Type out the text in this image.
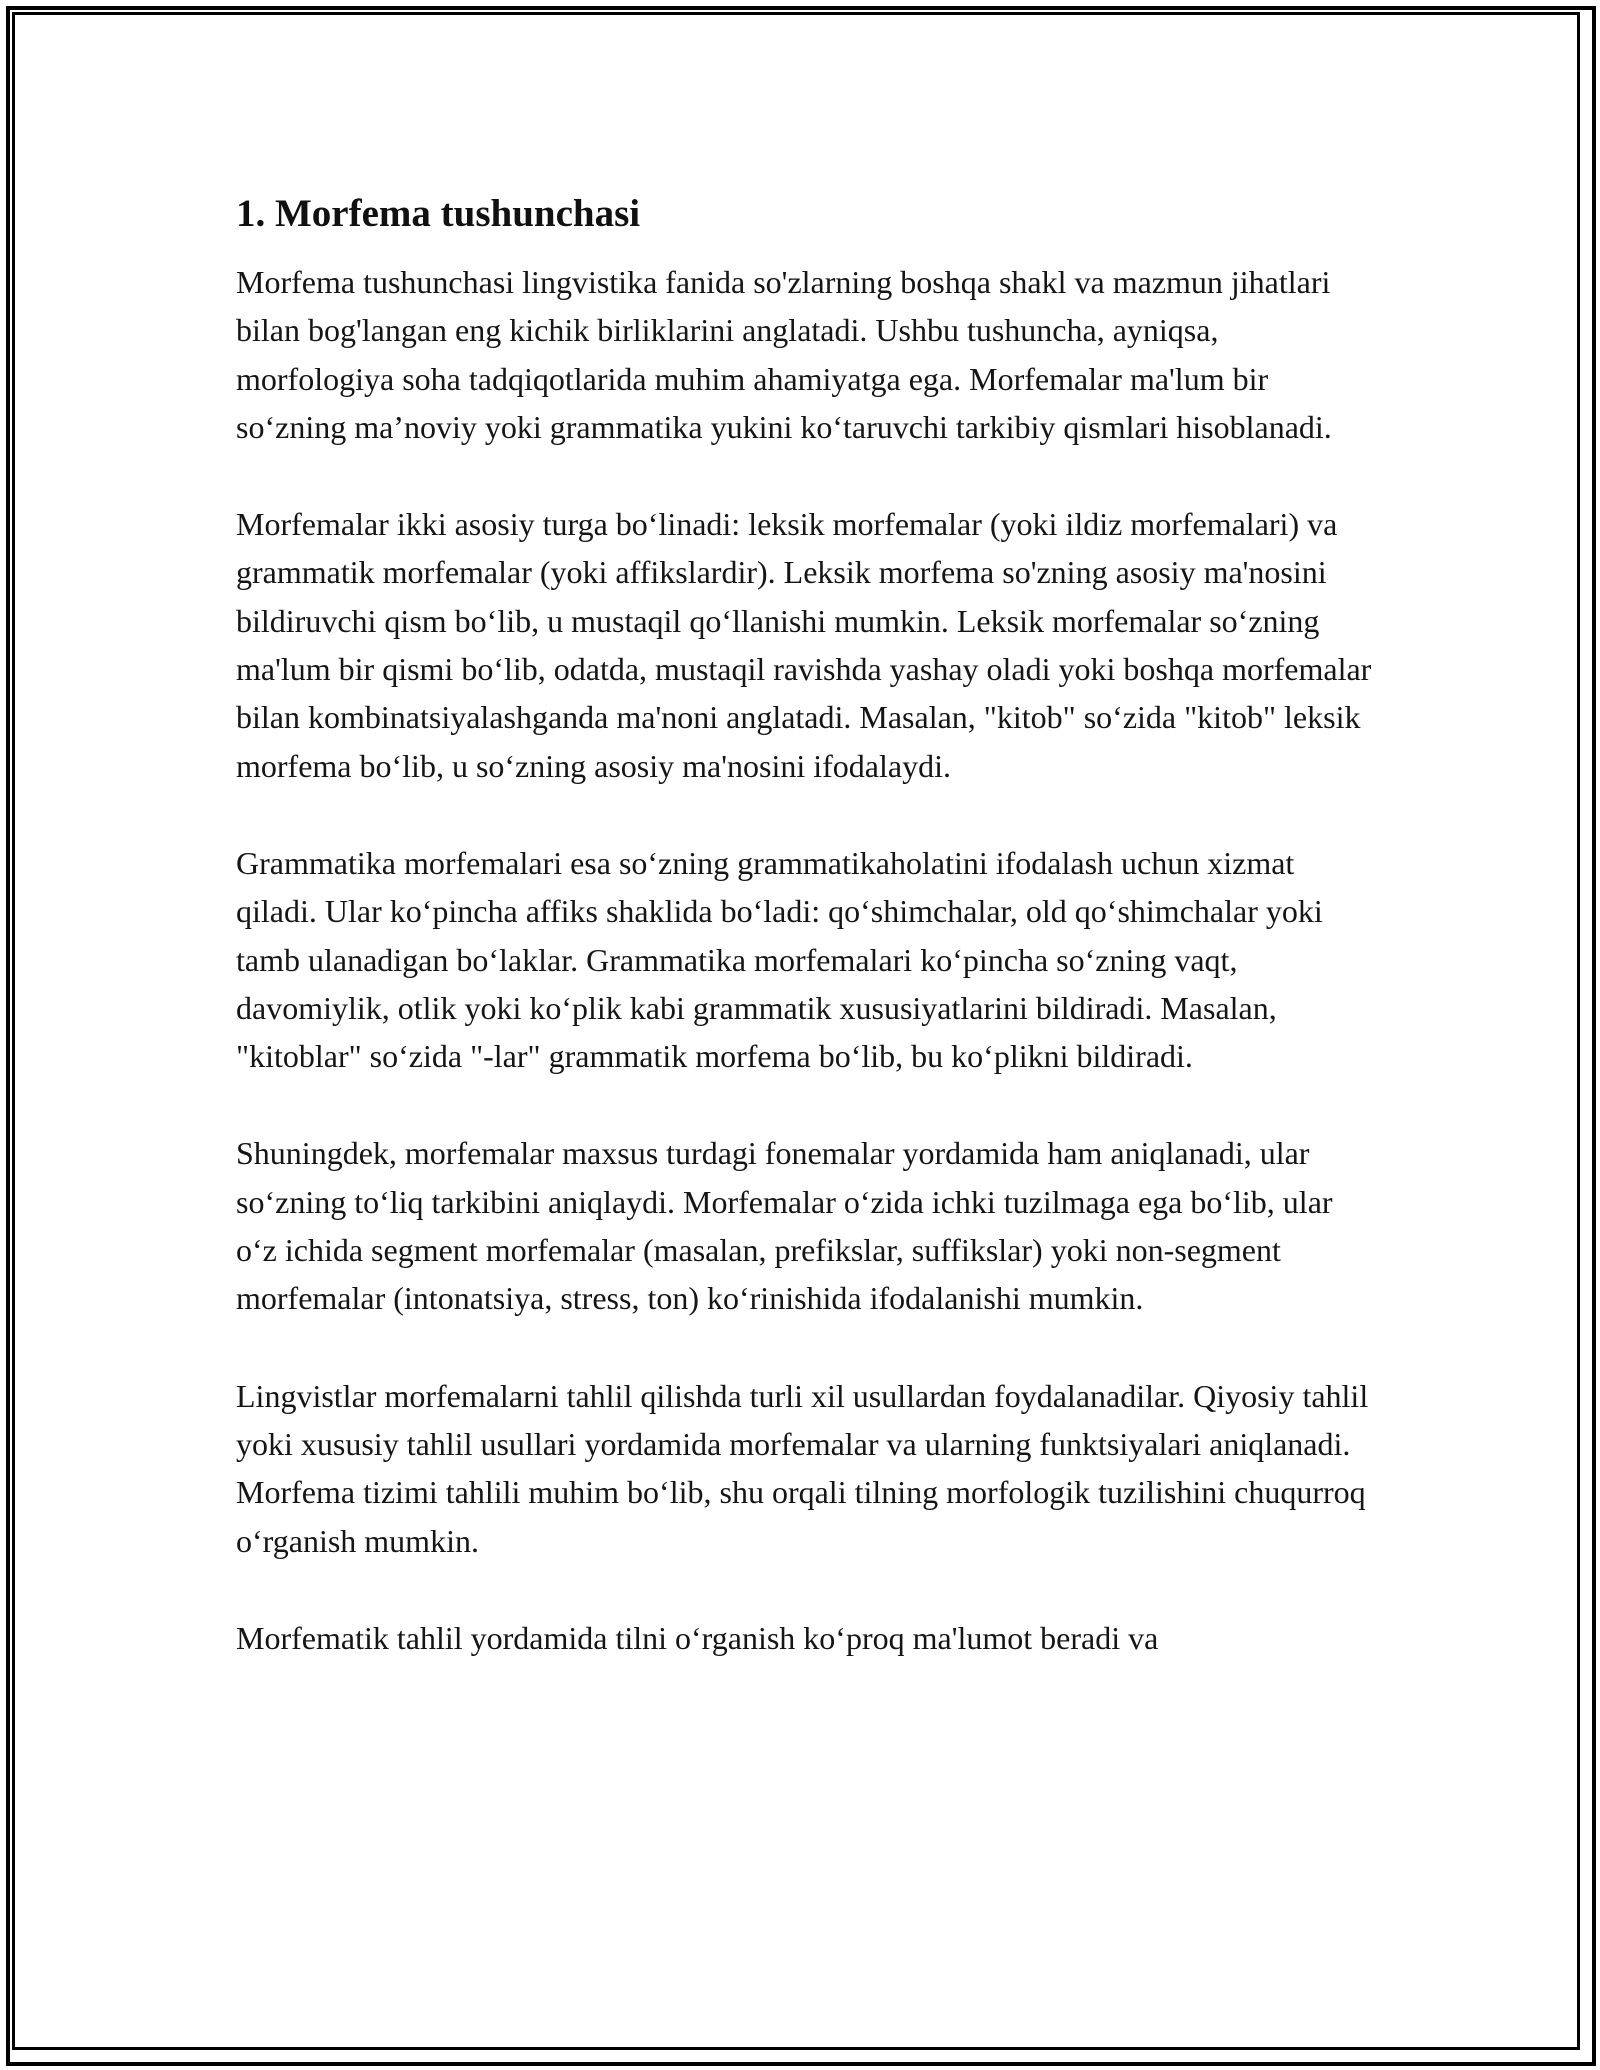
1. Morfema tushunchasi

Morfema tushunchasi lingvistika fanida so'zlarning boshqa shakl va mazmun jihatlari bilan bog'langan eng kichik birliklarini anglatadi. Ushbu tushuncha, ayniqsa, morfologiya soha tadqiqotlarida muhim ahamiyatga ega. Morfemalar ma'lum bir so‘zning ma’noviy yoki grammatika yukini ko‘taruvchi tarkibiy qismlari hisoblanadi.

Morfemalar ikki asosiy turga bo‘linadi: leksik morfemalar (yoki ildiz morfemalari) va grammatik morfemalar (yoki affikslardir). Leksik morfema so'zning asosiy ma'nosini bildiruvchi qism bo‘lib, u mustaqil qo‘llanishi mumkin. Leksik morfemalar so‘zning ma'lum bir qismi bo‘lib, odatda, mustaqil ravishda yashay oladi yoki boshqa morfemalar bilan kombinatsiyalashganda ma'noni anglatadi. Masalan, "kitob" so‘zida "kitob" leksik morfema bo‘lib, u so‘zning asosiy ma'nosini ifodalaydi.

Grammatika morfemalari esa so‘zning grammatikaholatini ifodalash uchun xizmat qiladi. Ular ko‘pincha affiks shaklida bo‘ladi: qo‘shimchalar, old qo‘shimchalar yoki tamb ulanadigan bo‘laklar. Grammatika morfemalari ko‘pincha so‘zning vaqt, davomiylik, otlik yoki ko‘plik kabi grammatik xususiyatlarini bildiradi. Masalan, "kitoblar" so‘zida "-lar" grammatik morfema bo‘lib, bu ko‘plikni bildiradi.

Shuningdek, morfemalar maxsus turdagi fonemalar yordamida ham aniqlanadi, ular so‘zning to‘liq tarkibini aniqlaydi. Morfemalar o‘zida ichki tuzilmaga ega bo‘lib, ular o‘z ichida segment morfemalar (masalan, prefikslar, suffikslar) yoki non-segment morfemalar (intonatsiya, stress, ton) ko‘rinishida ifodalanishi mumkin.

Lingvistlar morfemalarni tahlil qilishda turli xil usullardan foydalanadilar. Qiyosiy tahlil yoki xususiy tahlil usullari yordamida morfemalar va ularning funktsiyalari aniqlanadi. Morfema tizimi tahlili muhim bo‘lib, shu orqali tilning morfologik tuzilishini chuqurroq o‘rganish mumkin.

Morfematik tahlil yordamida tilni o‘rganish ko‘proq ma'lumot beradi va
